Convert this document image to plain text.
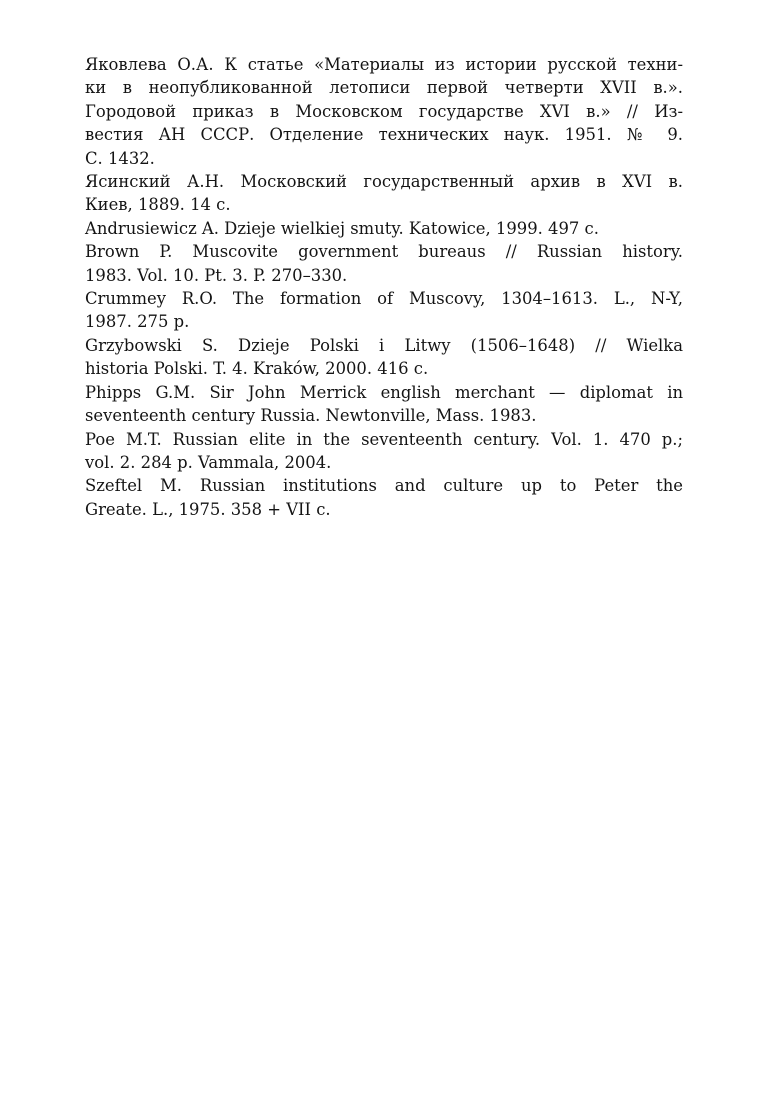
Яковлева О.А. К статье «Материалы из истории русской техни-
ки в неопубликованной летописи первой четверти XVII в.».
Городовой приказ в Московском государстве XVI в.» // Из-
вестия АН СССР. Отделение технических наук. 1951. № 9.
С. 1432.

Ясинский А.Н. Московский государственный архив в XVI в.
Киев, 1889. 14 с.

Andrusiewicz A. Dzieje wielkiej smuty. Katowice, 1999. 497 с.

Brown P. Muscovite government bureaus // Russian history.
1983. Vol. 10. Pt. 3. P. 270–330.

Crummey R.O. The formation of Muscovy, 1304–1613. L., N-Y,
1987. 275 p.

Grzybowski S. Dzieje Polski i Litwy (1506–1648) // Wielka
historia Polski. T. 4. Kraków, 2000. 416 с.

Phipps G.M. Sir John Merrick english merchant — diplomat in
seventeenth century Russia. Newtonville, Mass. 1983.

Poe M.T. Russian elite in the seventeenth century. Vol. 1. 470 p.;
vol. 2. 284 p. Vammala, 2004.

Szeftel M. Russian institutions and culture up to Peter the
Greate. L., 1975. 358 + VII с.
